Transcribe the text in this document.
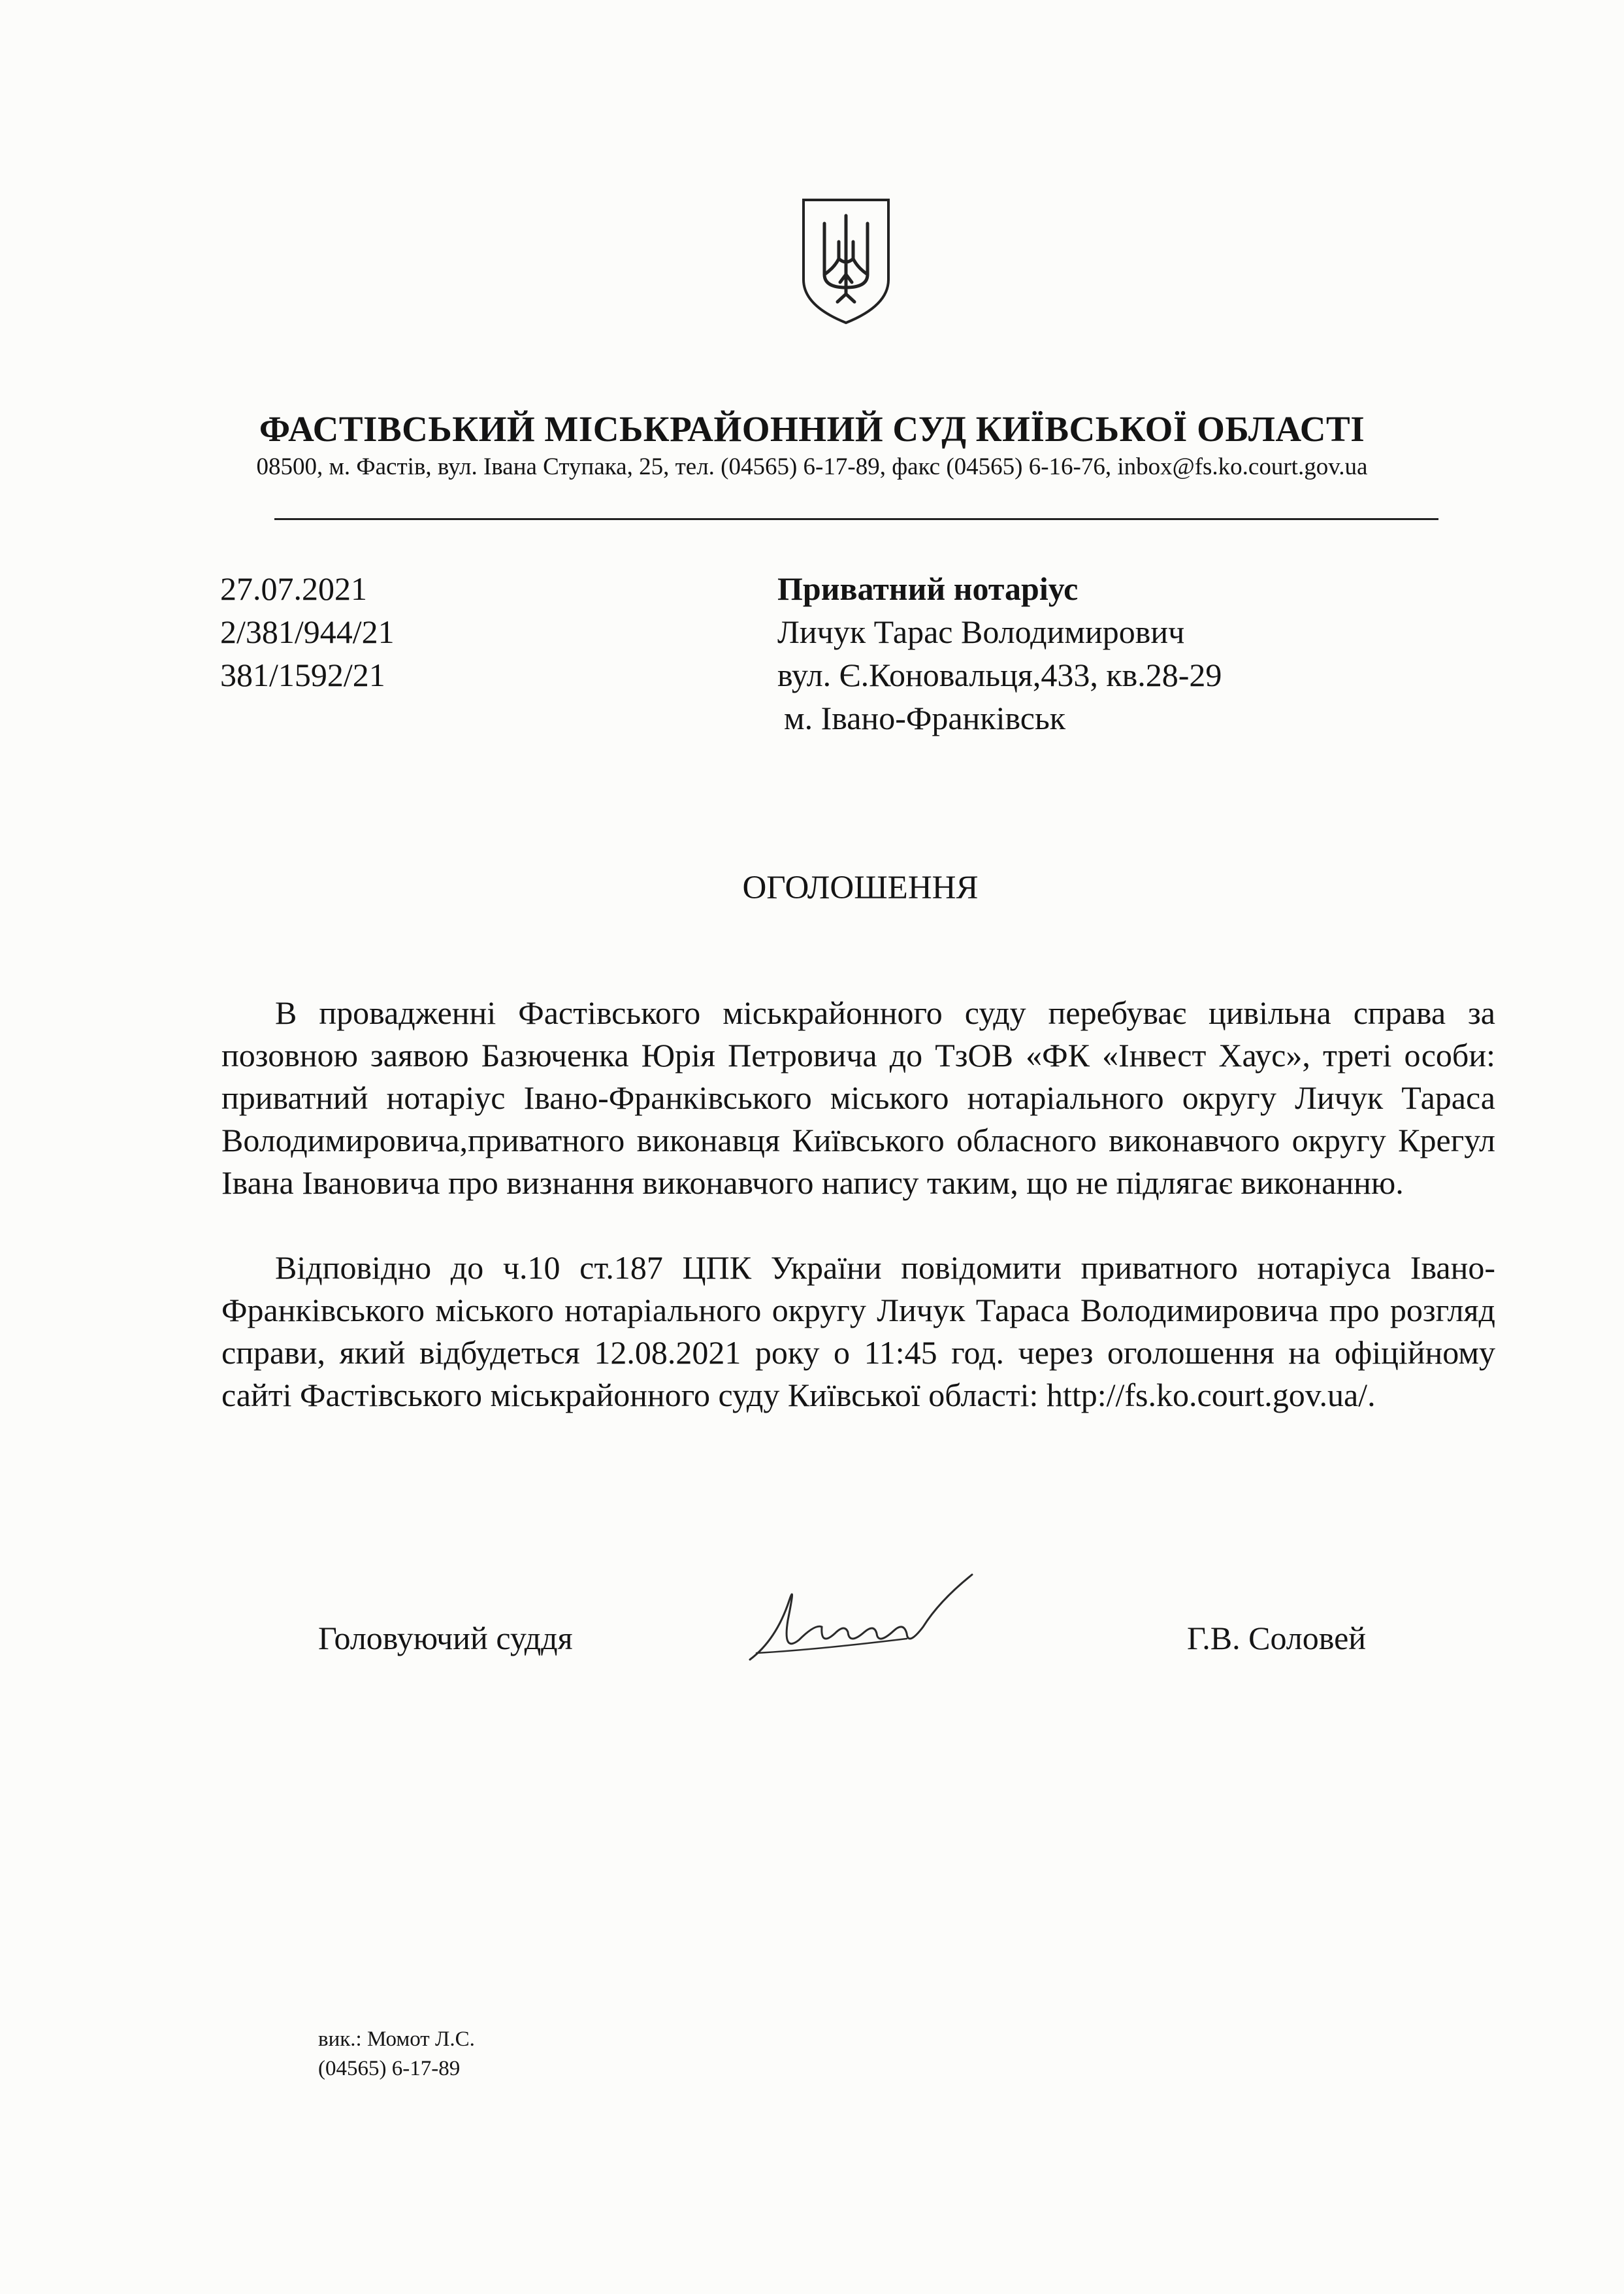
ФАСТІВСЬКИЙ МІСЬКРАЙОННИЙ СУД КИЇВСЬКОЇ ОБЛАСТІ
08500, м. Фастів, вул. Івана Ступака, 25, тел. (04565) 6-17-89, факс (04565) 6-16-76, inbox@fs.ko.court.gov.ua
27.07.2021
2/381/944/21
381/1592/21
Приватний нотаріус
Личук Тарас Володимирович
вул. Є.Коновальця,433, кв.28-29
м. Івано-Франківськ
ОГОЛОШЕННЯ
В провадженні Фастівського міськрайонного суду перебуває цивільна справа за позовною заявою Базюченка Юрія Петровича до ТзОВ «ФК «Інвест Хаус», треті особи: приватний нотаріус Івано-Франківського міського нотаріального округу Личук Тараса Володимировича,приватного виконавця Київського обласного виконавчого округу Крегул Івана Івановича про визнання виконавчого напису таким, що не підлягає виконанню.
Відповідно до ч.10 ст.187 ЦПК України повідомити приватного нотаріуса Івано-Франківського міського нотаріального округу Личук Тараса Володимировича про розгляд справи, який відбудеться 12.08.2021 року о 11:45 год. через оголошення на офіційному сайті Фастівського міськрайонного суду Київської області: http://fs.ko.court.gov.ua/.
Головуючий суддя	Г.В. Соловей
вик.: Момот Л.С.
(04565) 6-17-89
